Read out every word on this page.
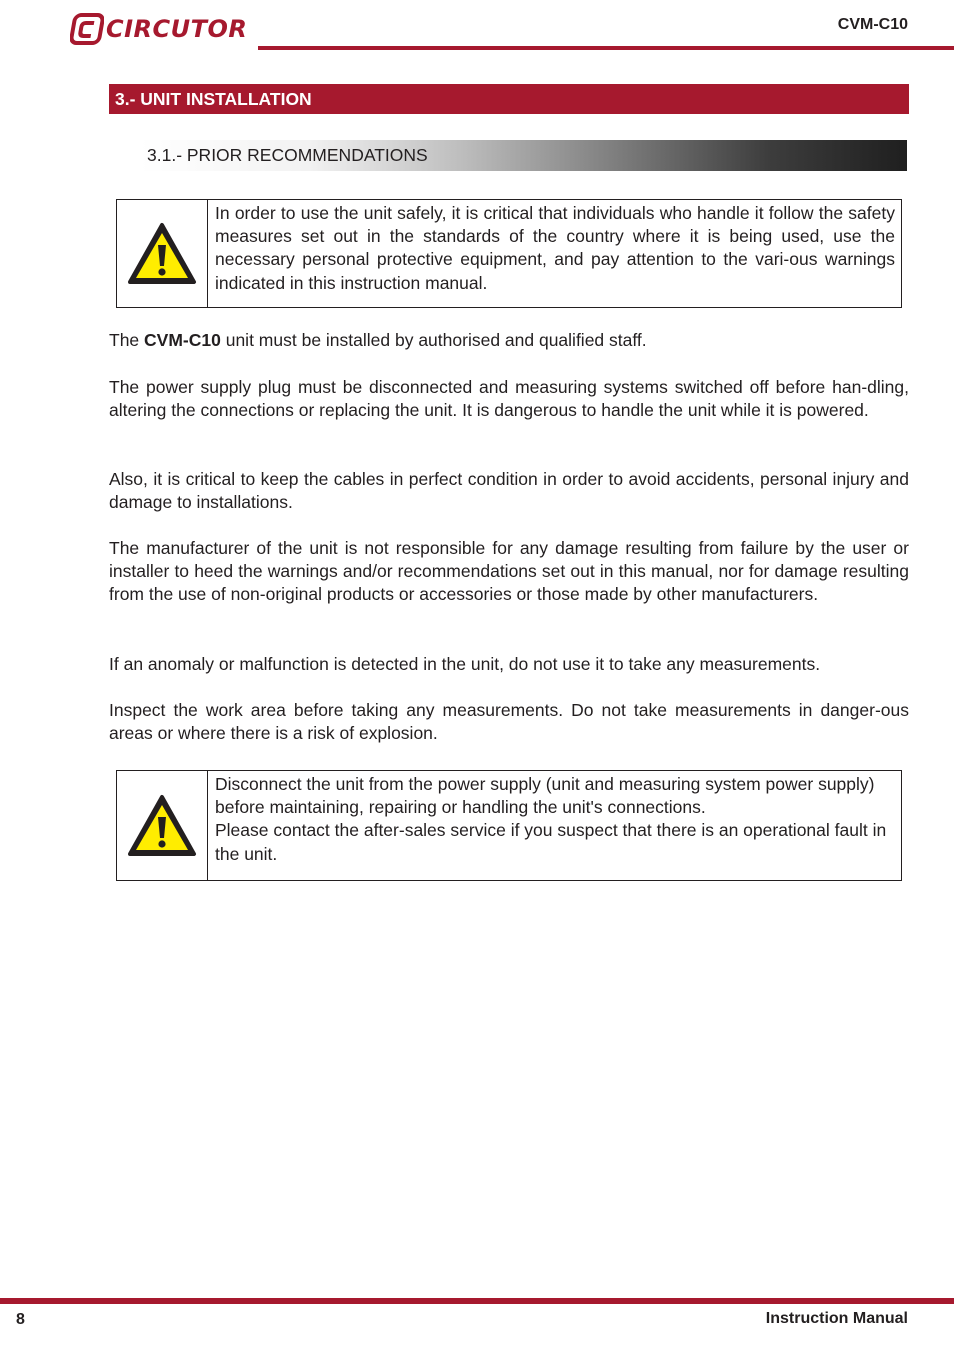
CIRCUTOR	CVM-C10
3.- UNIT INSTALLATION
3.1.- PRIOR RECOMMENDATIONS

In order to use the unit safely, it is critical that individuals who handle it follow the safety measures set out in the standards of the country where it is being used, use the necessary personal protective equipment, and pay attention to the vari-ous warnings indicated in this instruction manual.

The CVM-C10 unit must be installed by authorised and qualified staff.

The power supply plug must be disconnected and measuring systems switched off before han-dling, altering the connections or replacing the unit. It is dangerous to handle the unit while it is powered.

Also, it is critical to keep the cables in perfect condition in order to avoid accidents, personal injury and damage to installations.

The manufacturer of the unit is not responsible for any damage resulting from failure by the user or installer to heed the warnings and/or recommendations set out in this manual, nor for damage resulting from the use of non-original products or accessories or those made by other manufacturers.

If an anomaly or malfunction is detected in the unit, do not use it to take any measurements.

Inspect the work area before taking any measurements. Do not take measurements in danger-ous areas or where there is a risk of explosion.

Disconnect the unit from the power supply (unit and measuring system power supply) before maintaining, repairing or handling the unit's connections.

Please contact the after-sales service if you suspect that there is an operational fault in the unit.

8	Instruction Manual
